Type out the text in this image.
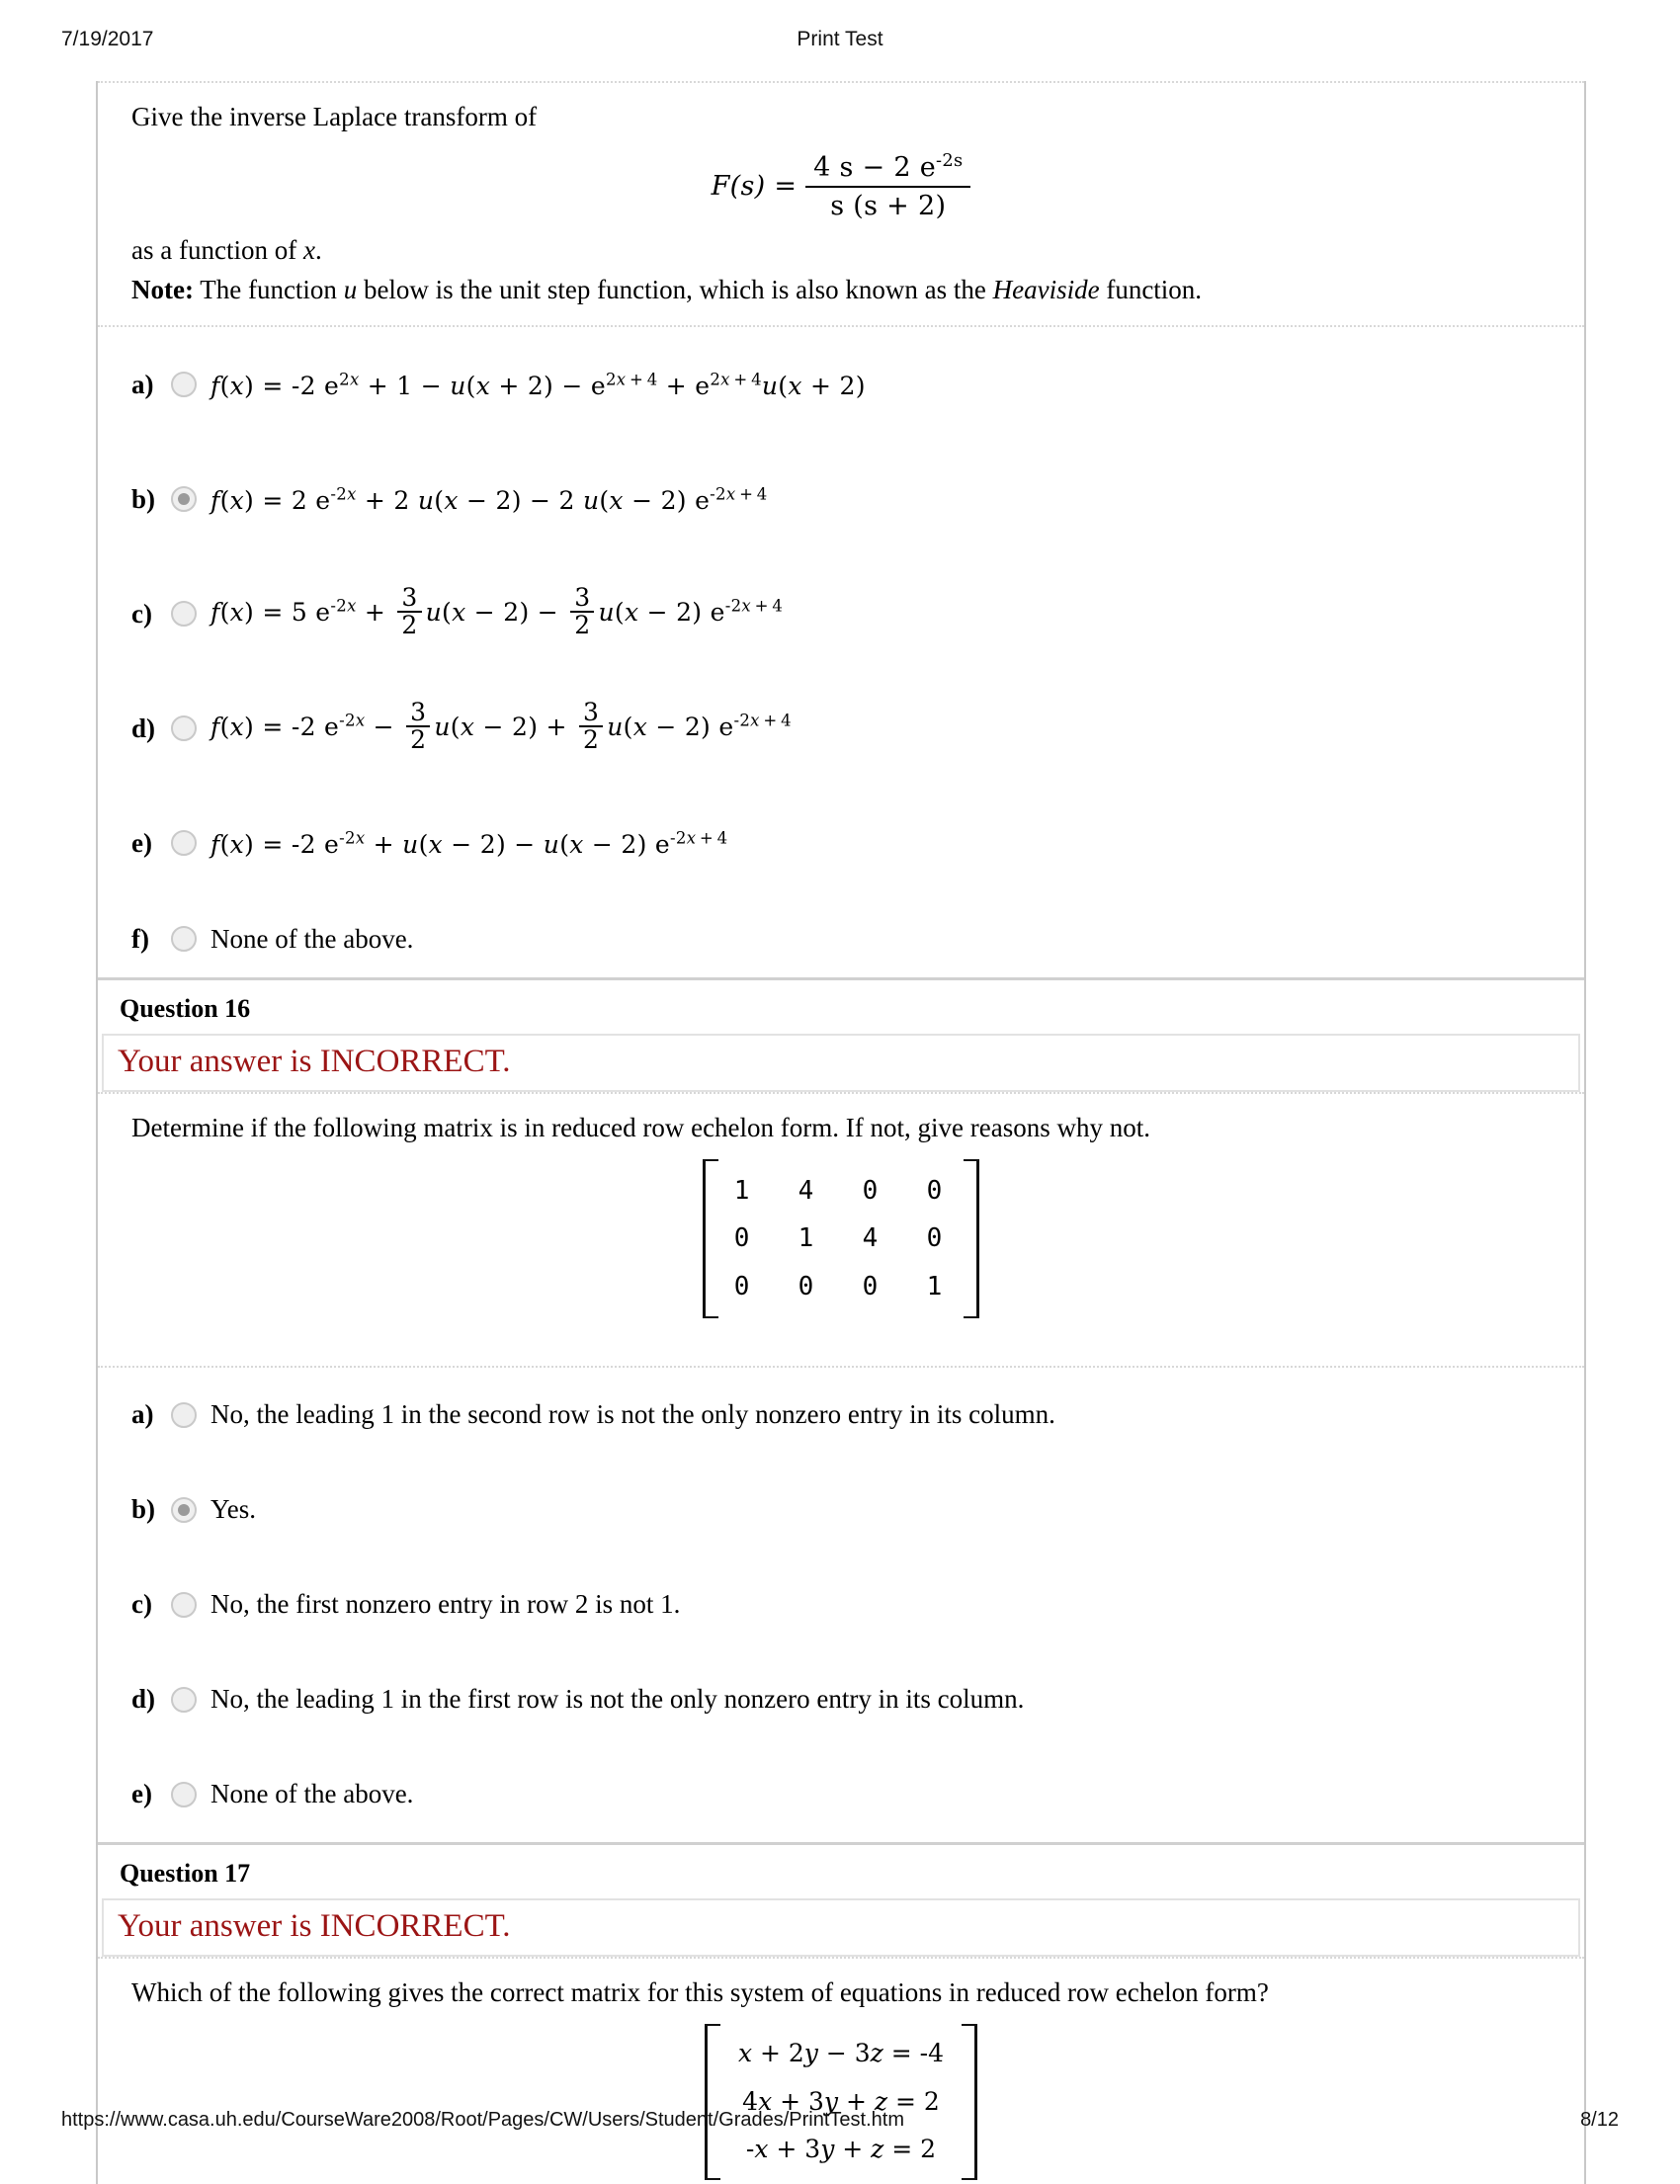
7/19/2017	Print Test

Give the inverse Laplace transform of

$F(s) = \frac{4 s - 2 e^{-2s}}{s (s + 2)}$

as a function of x.

Note: The function u below is the unit step function, which is also known as the Heaviside function.

a)	f(x) = -2 $e^{2x} + 1 - u(x + 2) - e^{2x + 4} + e^{2x + 4}u(x + 2)$
b)	f(x) = 2 $e^{-2x} + 2$ u(x − 2) − 2 u(x − 2) $e^{-2x + 4}$
c)	f(x) = 5 $e^{-2x} + \frac{3}{2} u(x - 2) - \frac{3}{2} u(x - 2)$ $e^{-2x + 4}$
d)	f(x) = -2 $e^{-2x} - \frac{3}{2} u(x - 2) + \frac{3}{2} u(x - 2)$ $e^{-2x + 4}$
e)	f(x) = -2 $e^{-2x} + u(x - 2) - u(x - 2)$ $e^{-2x + 4}$
f)	None of the above.
Question 16
Your answer is INCORRECT.

Determine if the following matrix is in reduced row echelon form. If not, give reasons why not.

1  4  0  0
0  1  4  0
0  0  0  1
a)	No, the leading 1 in the second row is not the only nonzero entry in its column.
b)	Yes.
c)	No, the first nonzero entry in row 2 is not 1.
d)	No, the leading 1 in the first row is not the only nonzero entry in its column.
e)	None of the above.
Question 17
Your answer is INCORRECT.

Which of the following gives the correct matrix for this system of equations in reduced row echelon form?

x + 2y − 3z = -4
4x + 3y + z = 2
-x + 3y + z = 2
https://www.casa.uh.edu/CourseWare2008/Root/Pages/CW/Users/Student/Grades/PrintTest.htm	8/12
